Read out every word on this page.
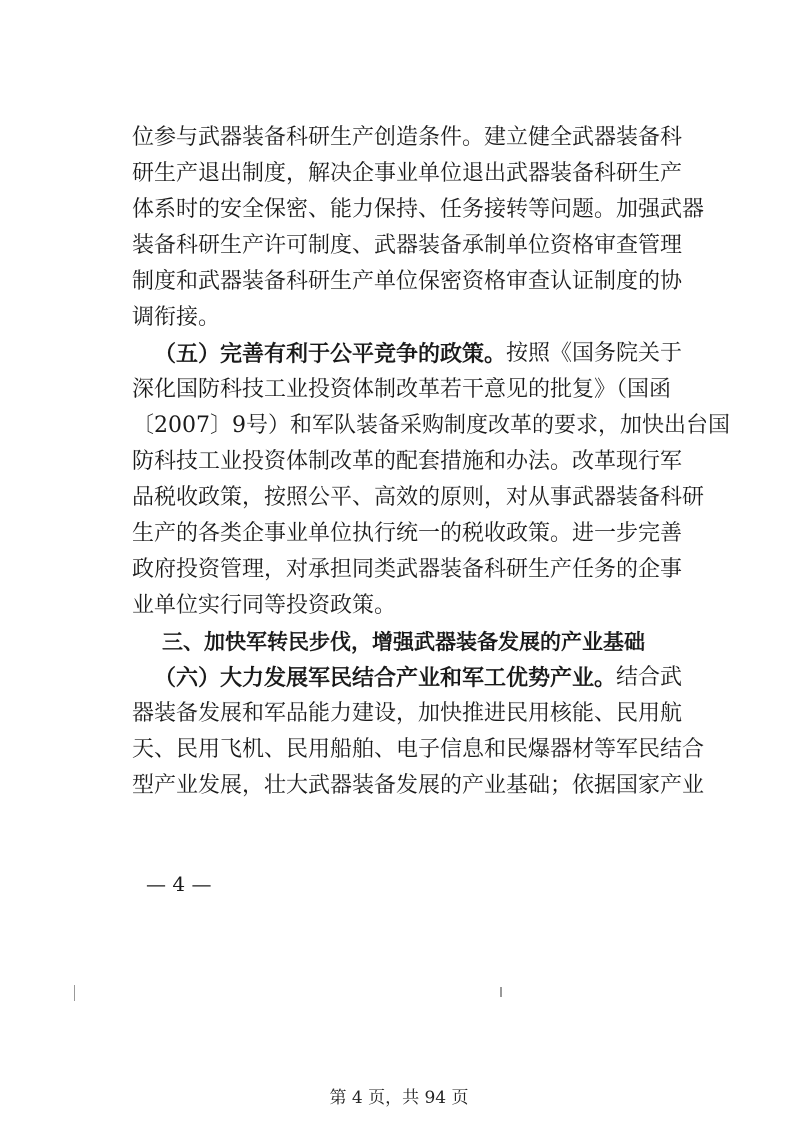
位参与武器装备科研生产创造条件。建立健全武器装备科
研生产退出制度，解决企事业单位退出武器装备科研生产
体系时的安全保密、能力保持、任务接转等问题。加强武器
装备科研生产许可制度、武器装备承制单位资格审查管理
制度和武器装备科研生产单位保密资格审查认证制度的协
调衔接。
（五）完善有利于公平竞争的政策。 按照《国务院关于
深化国防科技工业投资体制改革若干意见的批复》（国函
〔2007〕9号）和军队装备采购制度改革的要求，加快出台国
防科技工业投资体制改革的配套措施和办法。改革现行军
品税收政策，按照公平、高效的原则，对从事武器装备科研
生产的各类企事业单位执行统一的税收政策。进一步完善
政府投资管理，对承担同类武器装备科研生产任务的企事
业单位实行同等投资政策。
三、加快军转民步伐，增强武器装备发展的产业基础
（六）大力发展军民结合产业和军工优势产业。 结合武
器装备发展和军品能力建设，加快推进民用核能、民用航
天、民用飞机、民用船舶、电子信息和民爆器材等军民结合
型产业发展，壮大武器装备发展的产业基础；依据国家产业
— 4 —
第 4 页，共 94 页
